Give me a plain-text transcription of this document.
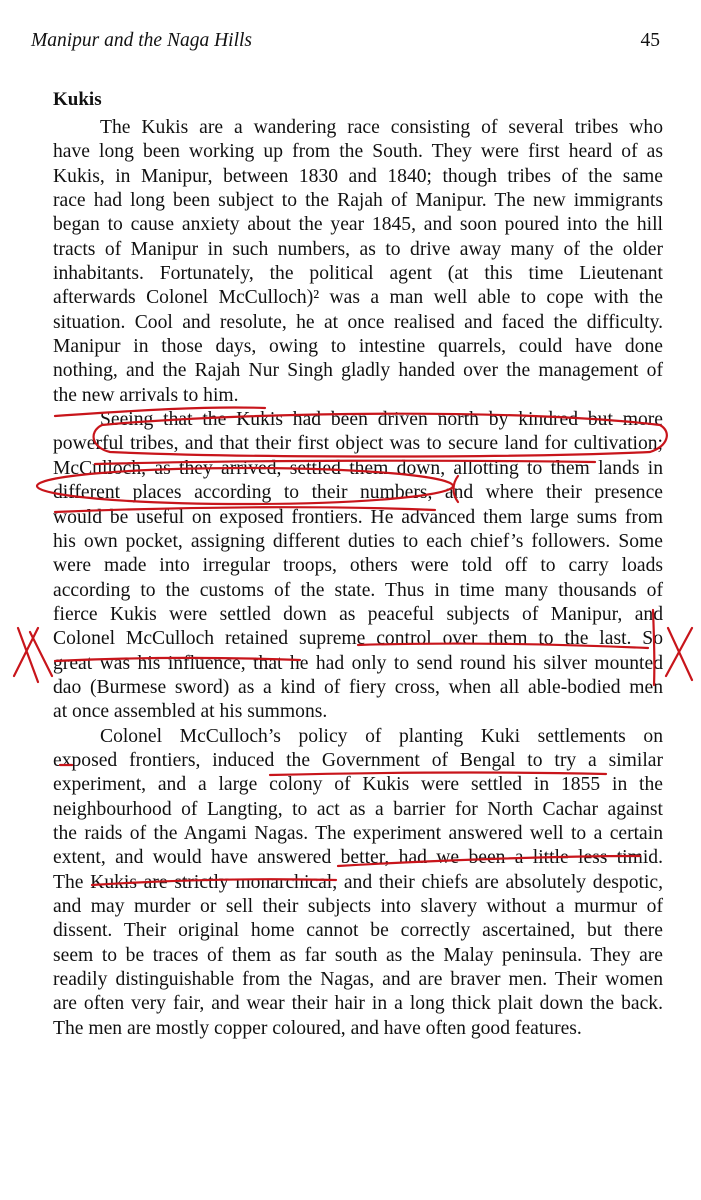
Manipur and the Naga Hills	45
Kukis
The Kukis are a wandering race consisting of several tribes who
have long been working up from the South. They were first heard of as
Kukis, in Manipur, between 1830 and 1840; though tribes of the same
race had long been subject to the Rajah of Manipur. The new immigrants
began to cause anxiety about the year 1845, and soon poured into the hill
tracts of Manipur in such numbers, as to drive away many of the older
inhabitants. Fortunately, the political agent (at this time Lieutenant
afterwards Colonel McCulloch)² was a man well able to cope with the
situation. Cool and resolute, he at once realised and faced the difficulty.
Manipur in those days, owing to intestine quarrels, could have done
nothing, and the Rajah Nur Singh gladly handed over the management of
the new arrivals to him.
Seeing that the Kukis had been driven north by kindred but more
powerful tribes, and that their first object was to secure land for cultivation;
McCulloch, as they arrived, settled them down, allotting to them lands in
different places according to their numbers, and where their presence
would be useful on exposed frontiers. He advanced them large sums from
his own pocket, assigning different duties to each chief’s followers. Some
were made into irregular troops, others were told off to carry loads
according to the customs of the state. Thus in time many thousands of
fierce Kukis were settled down as peaceful subjects of Manipur, and
Colonel McCulloch retained supreme control over them to the last. So
great was his influence, that he had only to send round his silver mounted
dao (Burmese sword) as a kind of fiery cross, when all able-bodied men
at once assembled at his summons.
Colonel McCulloch’s policy of planting Kuki settlements on
exposed frontiers, induced the Government of Bengal to try a similar
experiment, and a large colony of Kukis were settled in 1855 in the
neighbourhood of Langting, to act as a barrier for North Cachar against
the raids of the Angami Nagas. The experiment answered well to a certain
extent, and would have answered better, had we been a little less timid.
The Kukis are strictly monarchical, and their chiefs are absolutely despotic,
and may murder or sell their subjects into slavery without a murmur of
dissent. Their original home cannot be correctly ascertained, but there
seem to be traces of them as far south as the Malay peninsula. They are
readily distinguishable from the Nagas, and are braver men. Their women
are often very fair, and wear their hair in a long thick plait down the back.
The men are mostly copper coloured, and have often good features.
